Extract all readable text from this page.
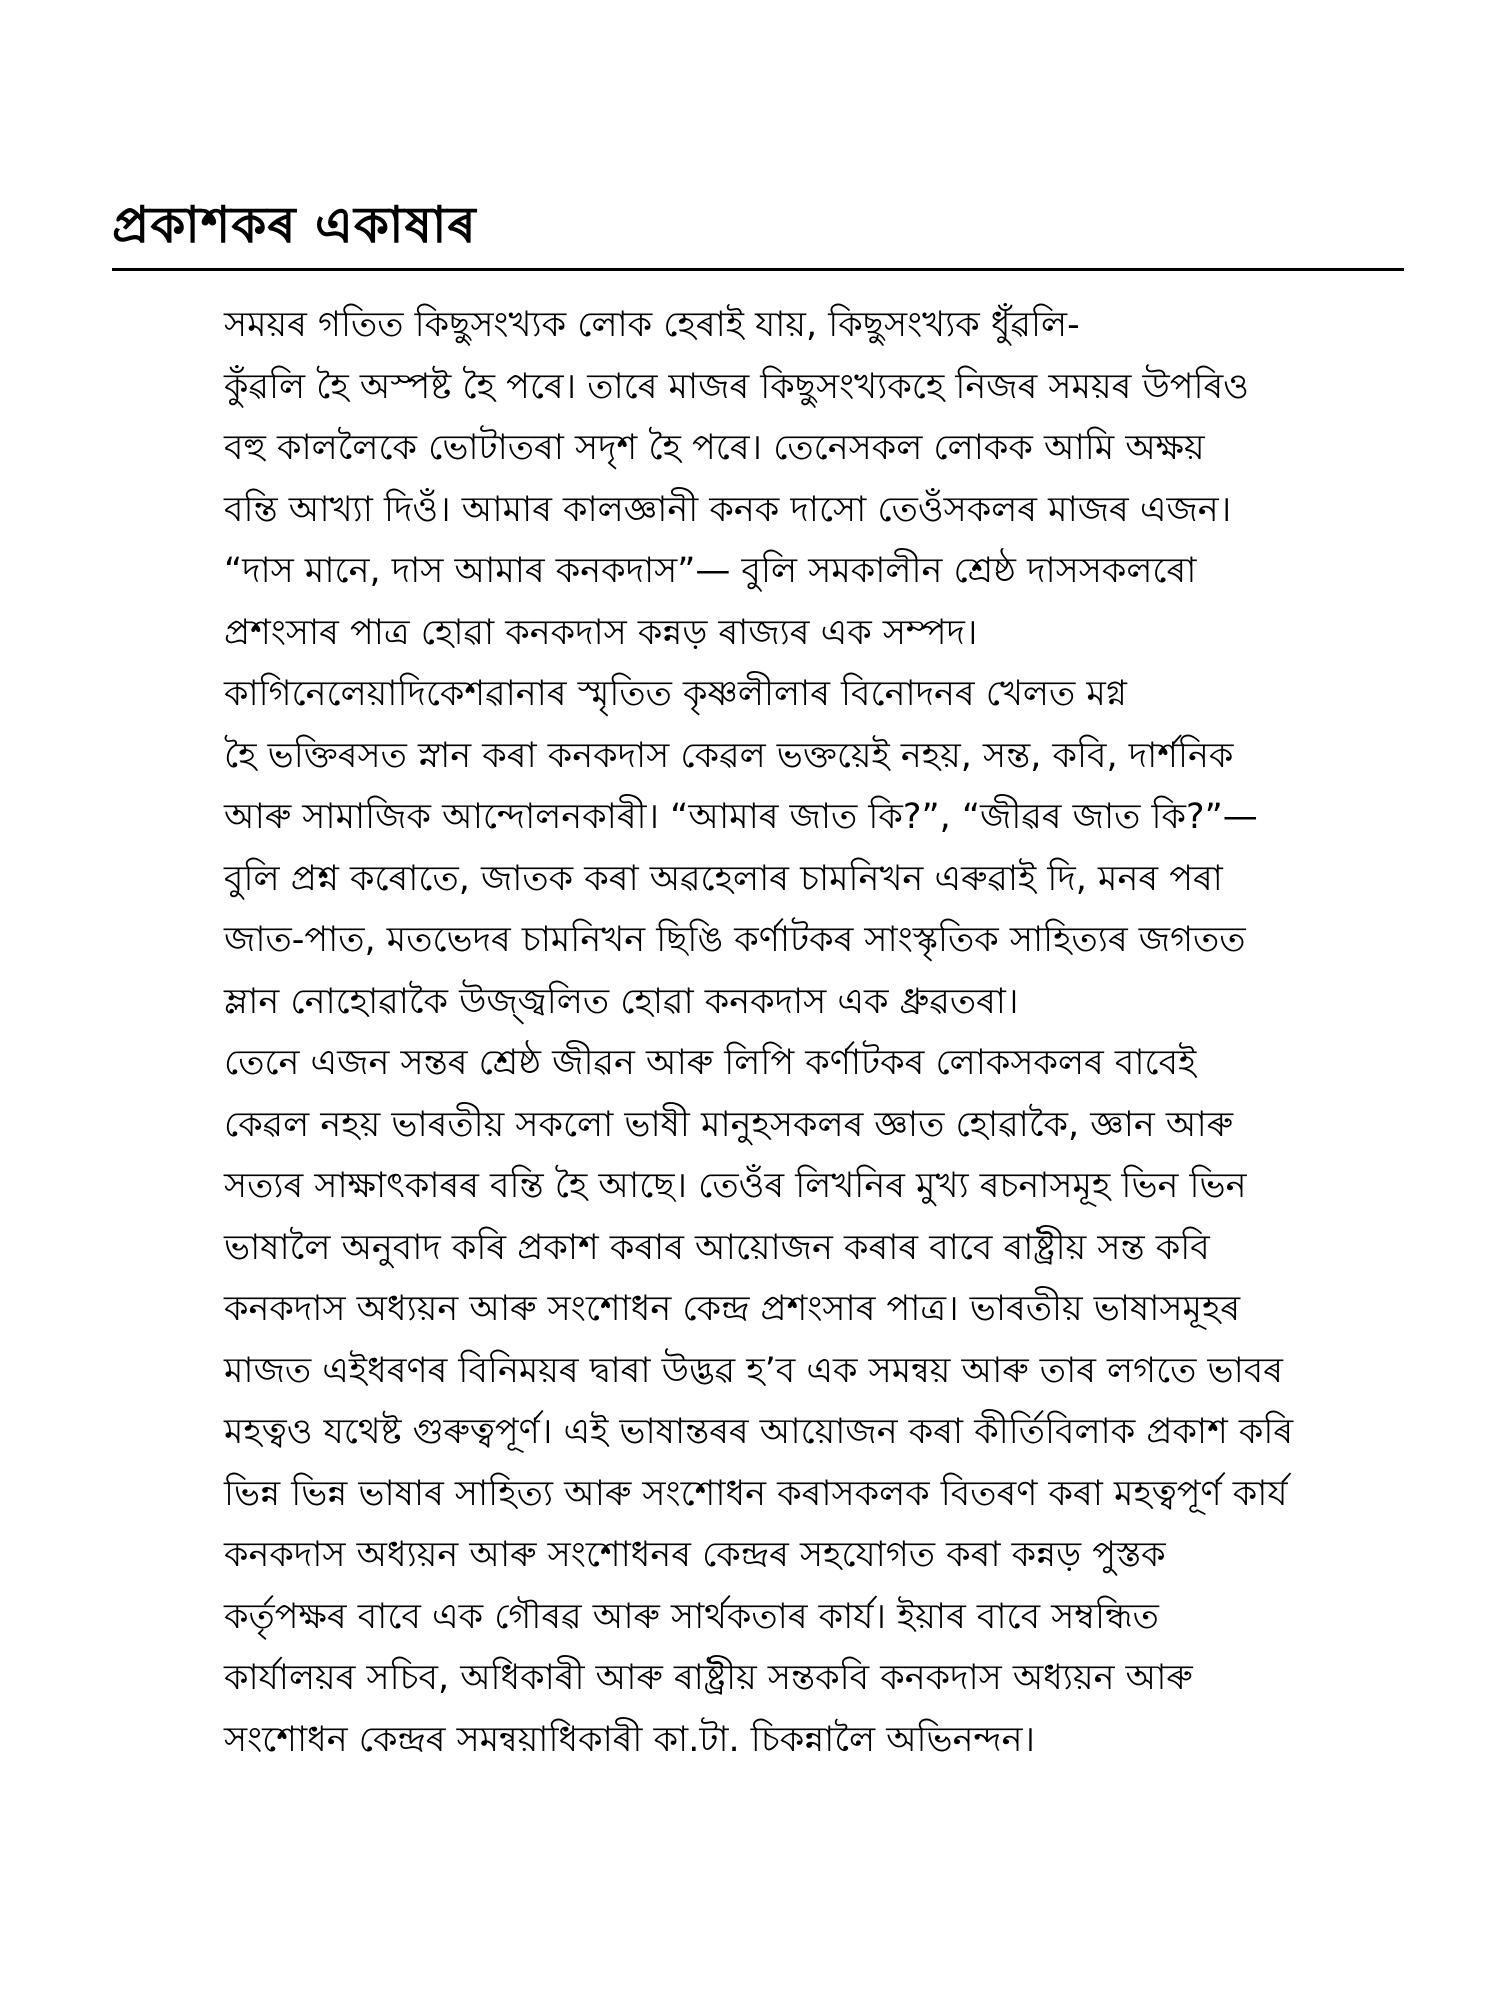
প্ৰকাশকৰ একাষাৰ

সময়ৰ গতিত কিছুসংখ্যক লোক হেৰাই যায়, কিছুসংখ্যক ধুঁৱলি-
কুঁৱলি হৈ অস্পষ্ট হৈ পৰে। তাৰে মাজৰ কিছুসংখ্যকহে নিজৰ সময়ৰ উপৰিও
বহু কাললৈকে ভোটাতৰা সদৃশ হৈ পৰে। তেনেসকল লোকক আমি অক্ষয়
বন্তি আখ্যা দিওঁ। আমাৰ কালজ্ঞানী কনক দাসো তেওঁসকলৰ মাজৰ এজন।
“দাস মানে, দাস আমাৰ কনকদাস”— বুলি সমকালীন শ্ৰেষ্ঠ দাসসকলৰো
প্ৰশংসাৰ পাত্ৰ হোৱা কনকদাস কন্নড় ৰাজ্যৰ এক সম্পদ।

কাগিনেলেয়াদিকেশৱানাৰ স্মৃতিত কৃষ্ণলীলাৰ বিনোদনৰ খেলত মগ্ন
হৈ ভক্তিৰসত স্নান কৰা কনকদাস কেৱল ভক্তয়েই নহয়, সন্ত, কবি, দাৰ্শনিক
আৰু সামাজিক আন্দোলনকাৰী। “আমাৰ জাত কি?”, “জীৱৰ জাত কি?”—
বুলি প্ৰশ্ন কৰোতে, জাতক কৰা অৱহেলাৰ চামনিখন এৰুৱাই দি, মনৰ পৰা
জাত-পাত, মতভেদৰ চামনিখন ছিঙি কৰ্ণাটকৰ সাংস্কৃতিক সাহিত্যৰ জগতত
ম্লান নোহোৱাকৈ উজ্জ্বলিত হোৱা কনকদাস এক ধ্ৰুৱতৰা।

তেনে এজন সন্তৰ শ্ৰেষ্ঠ জীৱন আৰু লিপি কৰ্ণাটকৰ লোকসকলৰ বাবেই
কেৱল নহয় ভাৰতীয় সকলো ভাষী মানুহসকলৰ জ্ঞাত হোৱাকৈ, জ্ঞান আৰু
সত্যৰ সাক্ষাৎকাৰৰ বন্তি হৈ আছে। তেওঁৰ লিখনিৰ মুখ্য ৰচনাসমূহ ভিন ভিন
ভাষালৈ অনুবাদ কৰি প্ৰকাশ কৰাৰ আয়োজন কৰাৰ বাবে ৰাষ্ট্ৰীয় সন্ত কবি
কনকদাস অধ্যয়ন আৰু সংশোধন কেন্দ্ৰ প্ৰশংসাৰ পাত্ৰ। ভাৰতীয় ভাষাসমূহৰ
মাজত এইধৰণৰ বিনিময়ৰ দ্বাৰা উদ্ভৱ হ’ব এক সমন্বয় আৰু তাৰ লগতে ভাবৰ
মহত্বও যথেষ্ট গুৰুত্বপূৰ্ণ। এই ভাষান্তৰৰ আয়োজন কৰা কীৰ্তিবিলাক প্ৰকাশ কৰি
ভিন্ন ভিন্ন ভাষাৰ সাহিত্য আৰু সংশোধন কৰাসকলক বিতৰণ কৰা মহত্বপূৰ্ণ কাৰ্য
কনকদাস অধ্যয়ন আৰু সংশোধনৰ কেন্দ্ৰৰ সহযোগত কৰা কন্নড় পুস্তক
কৰ্তৃপক্ষৰ বাবে এক গৌৰৱ আৰু সাৰ্থকতাৰ কাৰ্য। ইয়াৰ বাবে সম্বন্ধিত
কাৰ্যালয়ৰ সচিব, অধিকাৰী আৰু ৰাষ্ট্ৰীয় সন্তকবি কনকদাস অধ্যয়ন আৰু
সংশোধন কেন্দ্ৰৰ সমন্বয়াধিকাৰী কা.টা. চিকন্নালৈ অভিনন্দন।
